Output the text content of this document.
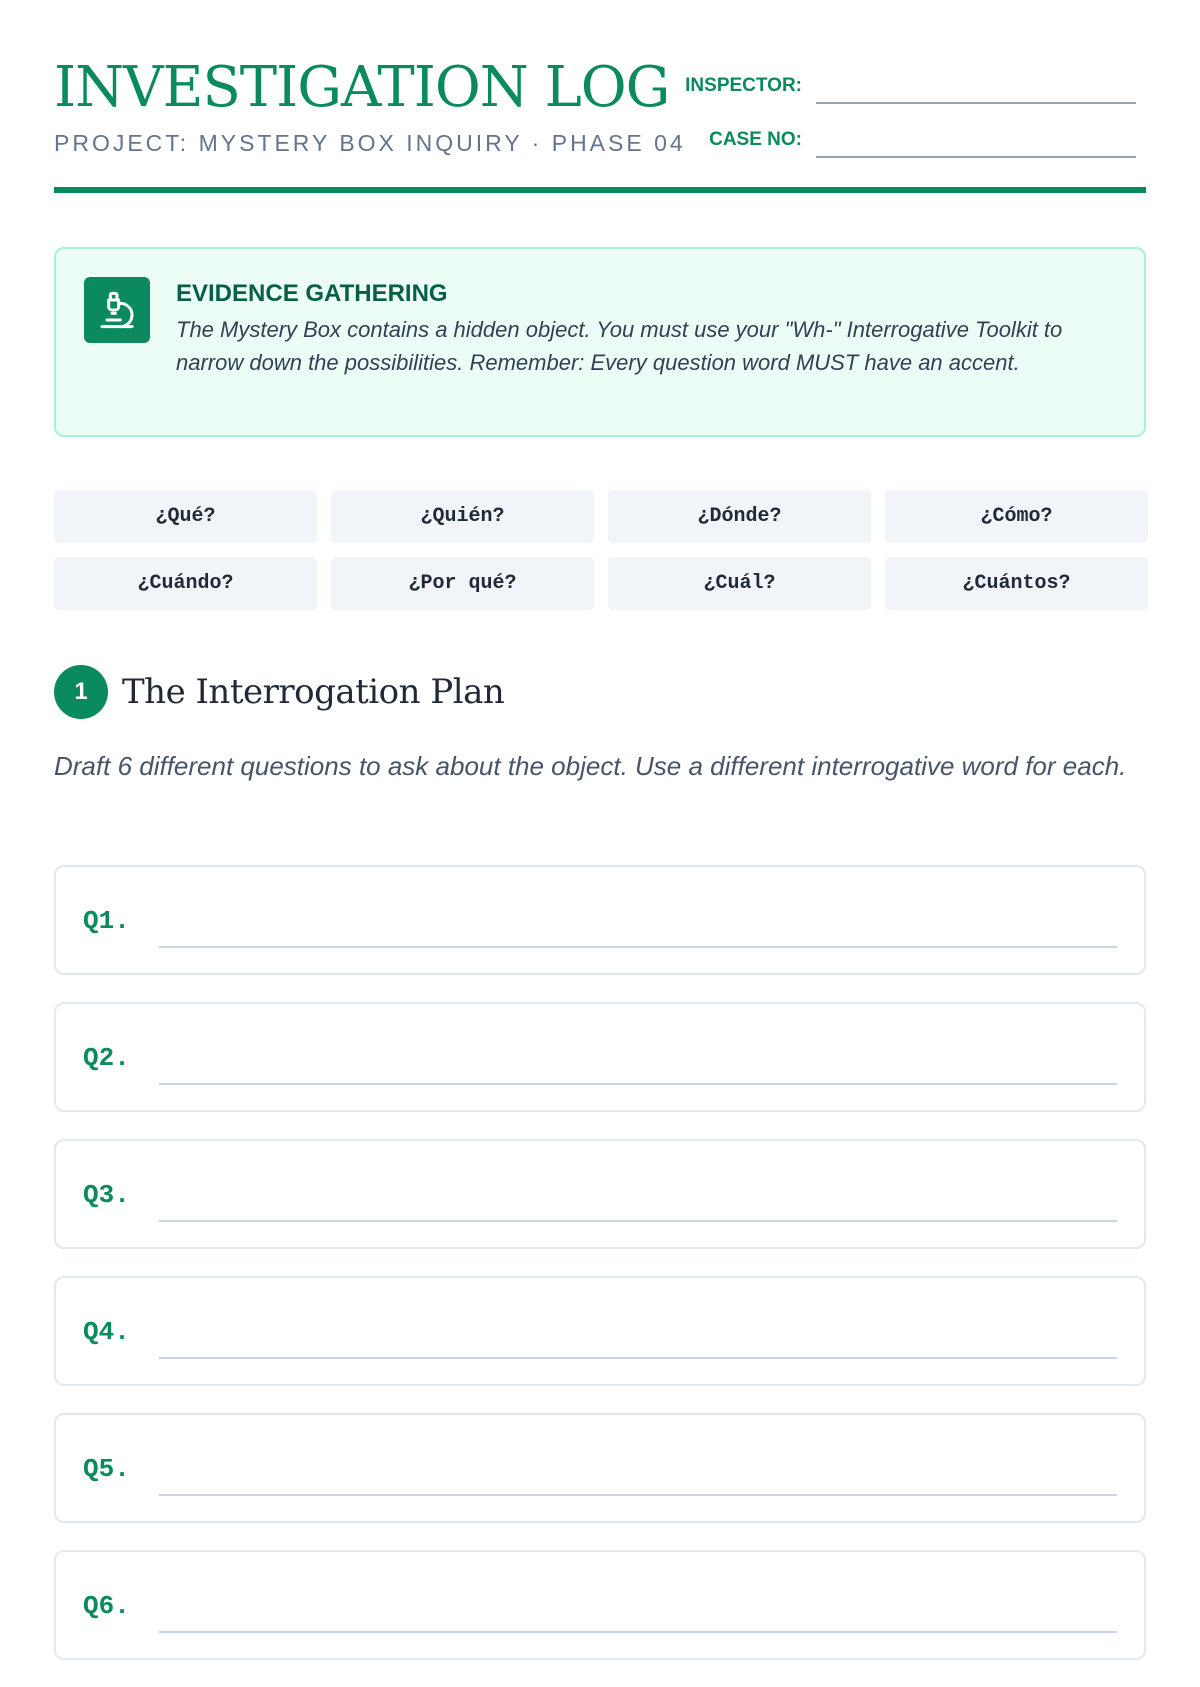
INVESTIGATION LOG
PROJECT: MYSTERY BOX INQUIRY · PHASE 04
INSPECTOR:
CASE NO:
EVIDENCE GATHERING
The Mystery Box contains a hidden object. You must use your "Wh-" Interrogative Toolkit to narrow down the possibilities. Remember: Every question word MUST have an accent.
¿Qué?	¿Quién?	¿Dónde?	¿Cómo?
¿Cuándo?	¿Por qué?	¿Cuál?	¿Cuántos?
1	The Interrogation Plan
Draft 6 different questions to ask about the object. Use a different interrogative word for each.
Q1.
Q2.
Q3.
Q4.
Q5.
Q6.
